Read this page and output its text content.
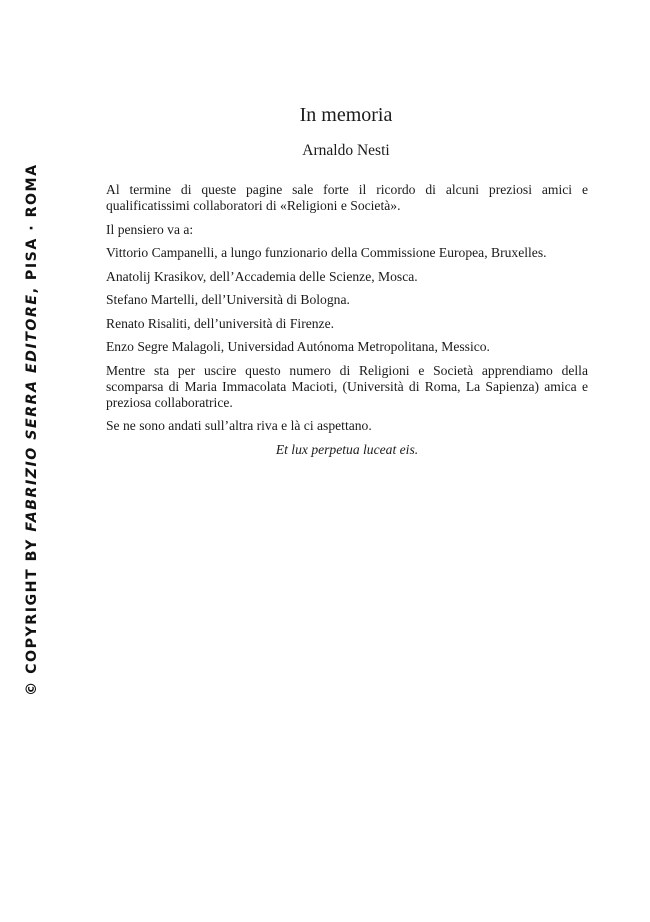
© COPYRIGHT BY FABRIZIO SERRA EDITORE, PISA · ROMA
In memoria
Arnaldo Nesti

Al termine di queste pagine sale forte il ricordo di alcuni preziosi amici e qualificatissimi collaboratori di «Religioni e Società».

Il pensiero va a:

Vittorio Campanelli, a lungo funzionario della Commissione Europea, Bruxelles.

Anatolij Krasikov, dell’Accademia delle Scienze, Mosca.

Stefano Martelli, dell’Università di Bologna.

Renato Risaliti, dell’università di Firenze.

Enzo Segre Malagoli, Universidad Autónoma Metropolitana, Messico.

Mentre sta per uscire questo numero di Religioni e Società apprendiamo della scomparsa di Maria Immacolata Macioti, (Università di Roma, La Sapienza) amica e preziosa collaboratrice.

Se ne sono andati sull’altra riva e là ci aspettano.

Et lux perpetua luceat eis.
